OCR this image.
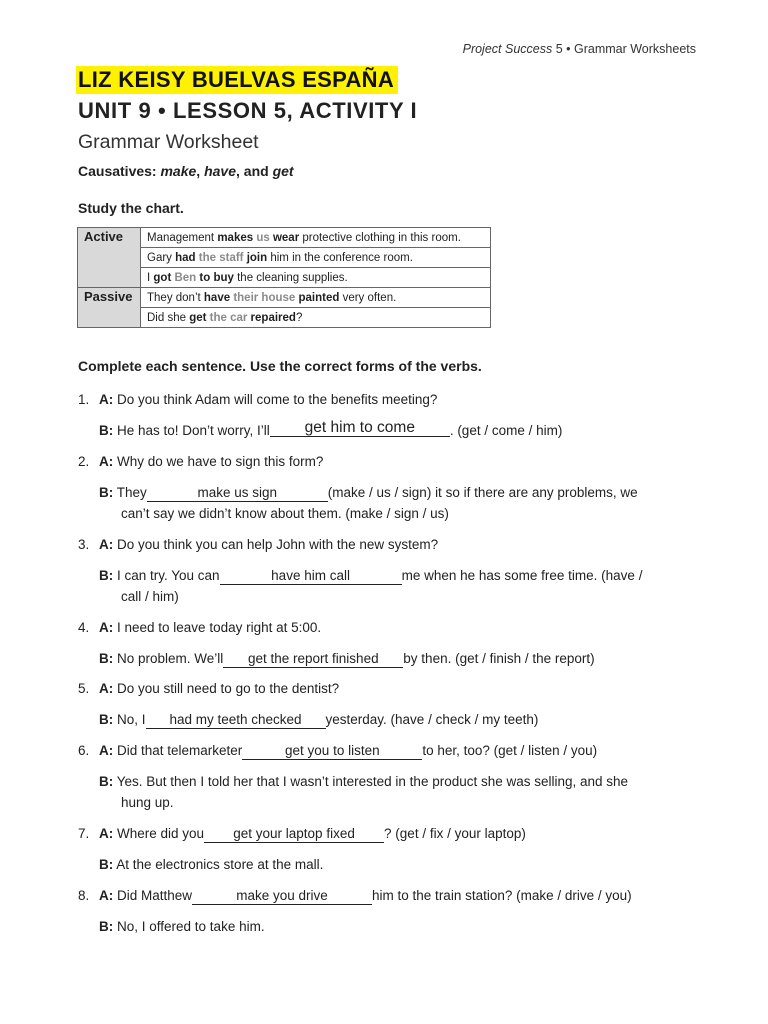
Project Success 5 • Grammar Worksheets
LIZ KEISY BUELVAS ESPAÑA
UNIT 9 • LESSON 5, ACTIVITY I
Grammar Worksheet
Causatives: make, have, and get
Study the chart.
Active	Management makes us wear protective clothing in this room.
	Gary had the staff join him in the conference room.
	I got Ben to buy the cleaning supplies.
Passive	They don’t have their house painted very often.
	Did she get the car repaired?
Complete each sentence. Use the correct forms of the verbs.
1. A: Do you think Adam will come to the benefits meeting?
B: He has to! Don’t worry, I’ll get him to come	. (get / come / him)
2. A: Why do we have to sign this form?
B: They	make us sign	(make / us / sign) it so if there are any problems, we
can’t say we didn’t know about them. (make / sign / us)
3. A: Do you think you can help John with the new system?
B: I can try. You can	have him call	me when he has some free time. (have /
call / him)
4. A: I need to leave today right at 5:00.
B: No problem. We’ll get the report finished by then. (get / finish / the report)
5. A: Do you still need to go to the dentist?
B: No, I had my teeth checked yesterday. (have / check / my teeth)
6. A: Did that telemarketer	get you to listen	to her, too? (get / listen / you)
B: Yes. But then I told her that I wasn’t interested in the product she was selling, and she
hung up.
7. A: Where did you get your laptop fixed ? (get / fix / your laptop)
B: At the electronics store at the mall.
8. A: Did Matthew	make you drive	him to the train station? (make / drive / you)
B: No, I offered to take him.
